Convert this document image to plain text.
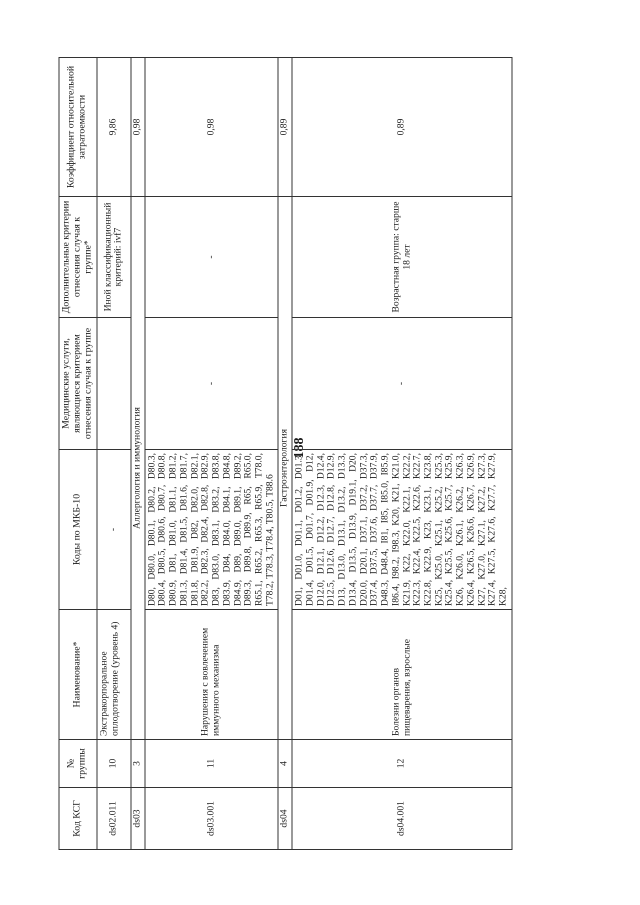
188
Код КСГ	№ группы	Наименование*	Коды по МКБ-10	Медицинские услуги, являющиеся критерием отнесения случая к группе	Дополнительные критерии отнесения случая к группе*	Коэффициент относительной затратоемкости
ds02.011	10	Экстракорпоральное оплодотворение (уровень 4)	-		Иной классификационный критерий: ivf7	9,86
ds03	3	Аллергология и иммунология				0,98
ds03.001	11	Нарушения с вовлечением иммунного механизма	D80, D80.0, D80.1, D80.2, D80.3, D80.4, D80.5, D80.6, D80.7, D80.8, D80.9, D81, D81.0, D81.1, D81.2, D81.3, D81.4, D81.5, D81.6, D81.7, D81.8, D81.9, D82, D82.0, D82.1, D82.2, D82.3, D82.4, D82.8, D82.9, D83, D83.0, D83.1, D83.2, D83.8, D83.9, D84, D84.0, D84.1, D84.8, D84.9, D89, D89.0, D89.1, D89.2, D89.3, D89.8, D89.9, R65, R65.0, R65.1, R65.2, R65.3, R65.9, T78.0, T78.2, T78.3, T78.4, T80.5, T88.6	-	-	0,98
ds04	4	Гастроэнтерология				0,89
ds04.001	12	Болезни органов пищеварения, взрослые	D01, D01.0, D01.1, D01.2, D01.3, D01.4, D01.5, D01.7, D01.9, D12, D12.0, D12.1, D12.2, D12.3, D12.4, D12.5, D12.6, D12.7, D12.8, D12.9, D13, D13.0, D13.1, D13.2, D13.3, D13.4, D13.5, D13.9, D19.1, D20, D20.0, D20.1, D37.1, D37.2, D37.3, D37.4, D37.5, D37.6, D37.7, D37.9, D48.3, D48.4, I81, I85, I85.0, I85.9, I86.4, I98.2, I98.3, K20, K21, K21.0, K21.9, K22, K22.0, K22.1, K22.2, K22.3, K22.4, K22.5, K22.6, K22.7, K22.8, K22.9, K23, K23.1, K23.8, K25, K25.0, K25.1, K25.2, K25.3, K25.4, K25.5, K25.6, K25.7, K25.9, K26, K26.0, K26.1, K26.2, K26.3, K26.4, K26.5, K26.6, K26.7, K26.9, K27, K27.0, K27.1, K27.2, K27.3, K27.4, K27.5, K27.6, K27.7, K27.9, K28,	-	Возрастная группа: старше 18 лет	0,89
